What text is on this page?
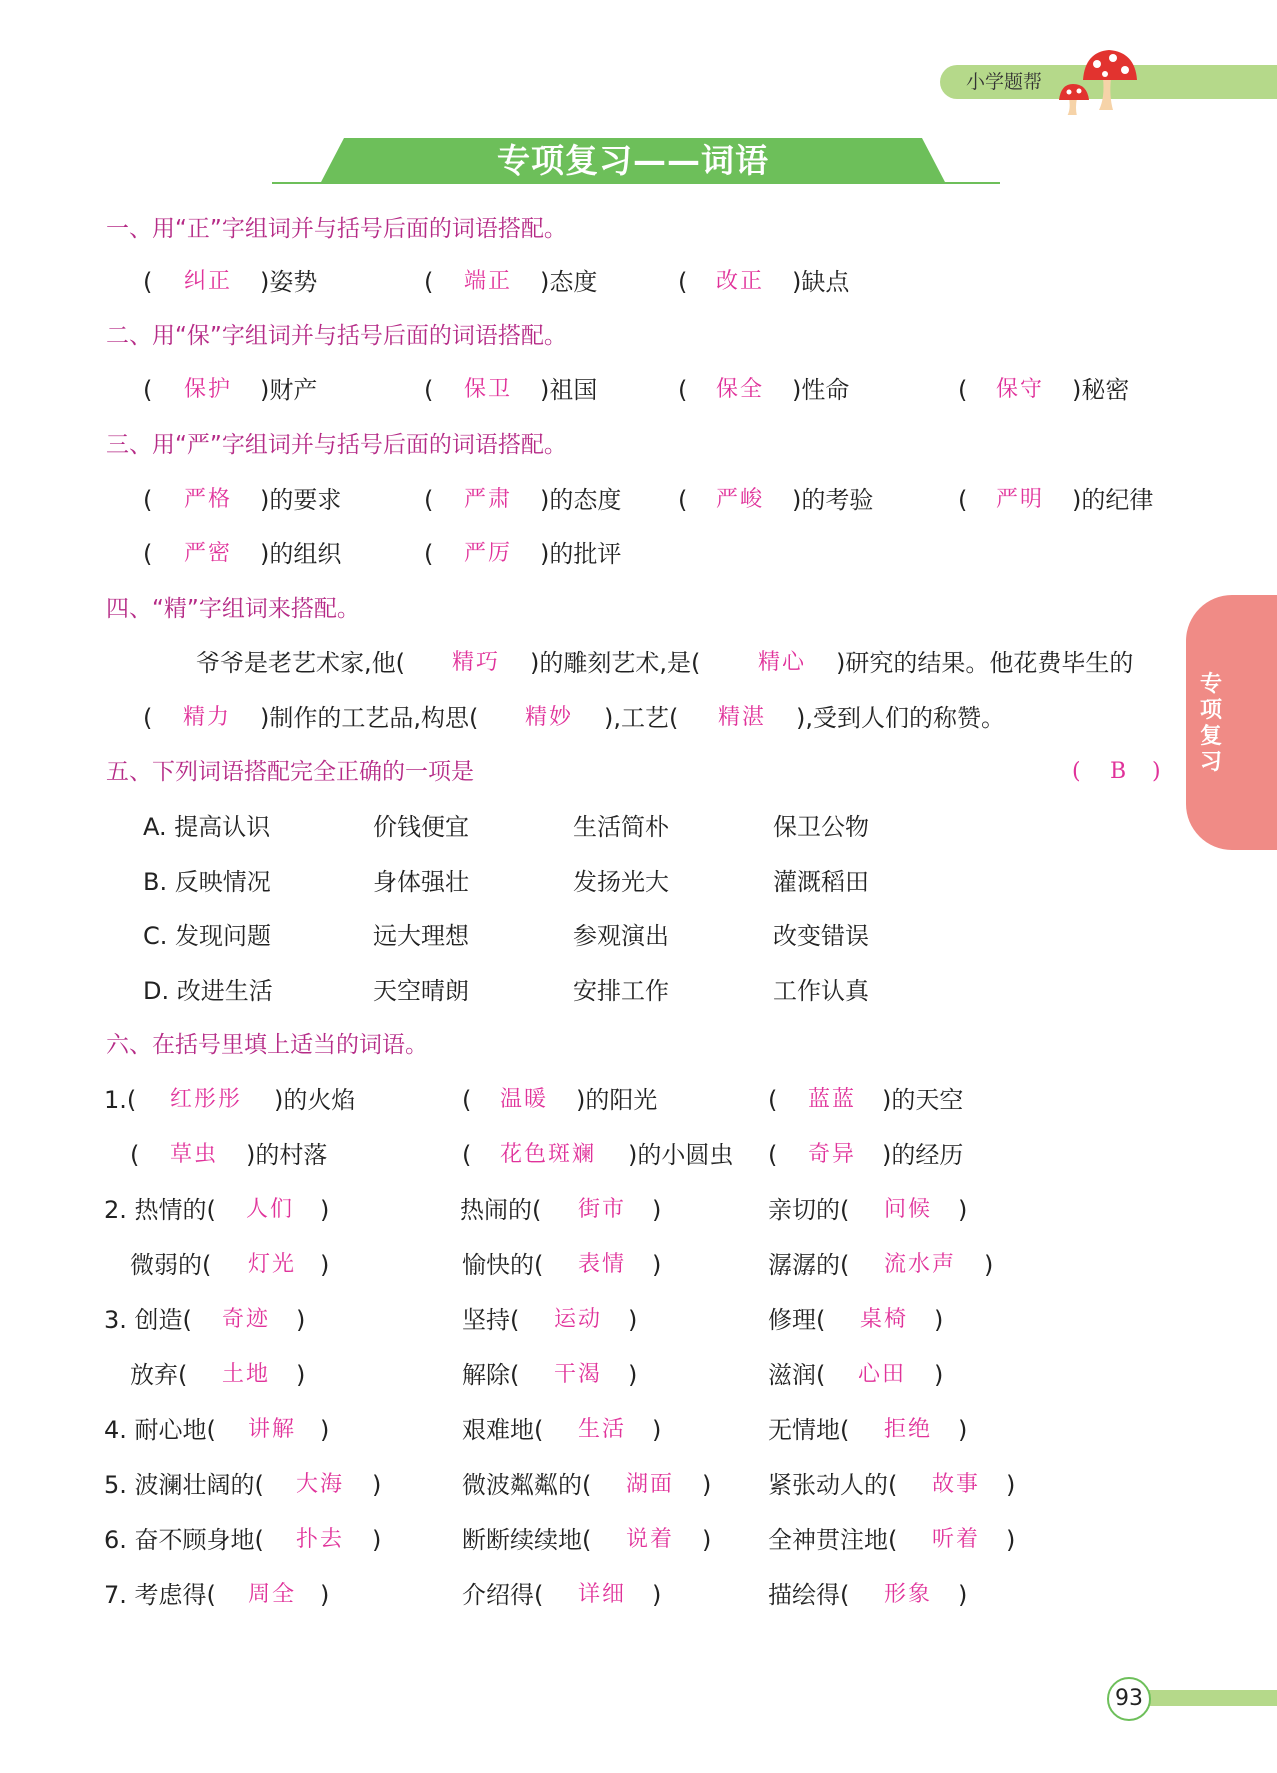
小学题帮
专项复习——词语
专项复习
一、用“正”字组词并与括号后面的词语搭配。
( 纠正 )姿势	( 端正 )态度	( 改正 )缺点
二、用“保”字组词并与括号后面的词语搭配。
( 保护 )财产	( 保卫 )祖国	( 保全 )性命	( 保守 )秘密
三、用“严”字组词并与括号后面的词语搭配。
( 严格 )的要求	( 严肃 )的态度 ( 严峻 )的考验	( 严明 )的纪律
( 严密 )的组织	( 严厉 )的批评
四、“精”字组词来搭配。
爷爷是老艺术家,他( 精巧 )的雕刻艺术,是(	精心 )研究的结果。他花费毕生的
( 精力 )制作的工艺品,构思( 精妙 ),工艺( 精湛 ),受到人们的称赞。
五、下列词语搭配完全正确的一项是	( B )
A. 提高认识	价钱便宜	生活简朴	保卫公物
B. 反映情况	身体强壮	发扬光大	灌溉稻田
C. 发现问题	远大理想	参观演出	改变错误
D. 改进生活	天空晴朗	安排工作	工作认真
六、在括号里填上适当的词语。
1.( 红彤彤 )的火焰	( 温暖 )的阳光	( 蓝蓝 )的天空
( 草虫 )的村落	( 花色斑斓 )的小圆虫 ( 奇异 )的经历
2. 热情的( 人们 )	热闹的( 街市 )	亲切的( 问候 )
微弱的( 灯光 )	愉快的( 表情 )	潺潺的( 流水声 )
3. 创造( 奇迹 )	坚持( 运动 )	修理( 桌椅 )
放弃( 土地 )	解除( 干渴 )	滋润( 心田 )
4. 耐心地( 讲解 )	艰难地( 生活 )	无情地( 拒绝 )
5. 波澜壮阔的( 大海 )	微波粼粼的( 湖面 ) 紧张动人的( 故事 )
6. 奋不顾身地( 扑去 )	断断续续地( 说着 ) 全神贯注地( 听着 )
7. 考虑得( 周全 )	介绍得( 详细 )	描绘得( 形象 )
93
